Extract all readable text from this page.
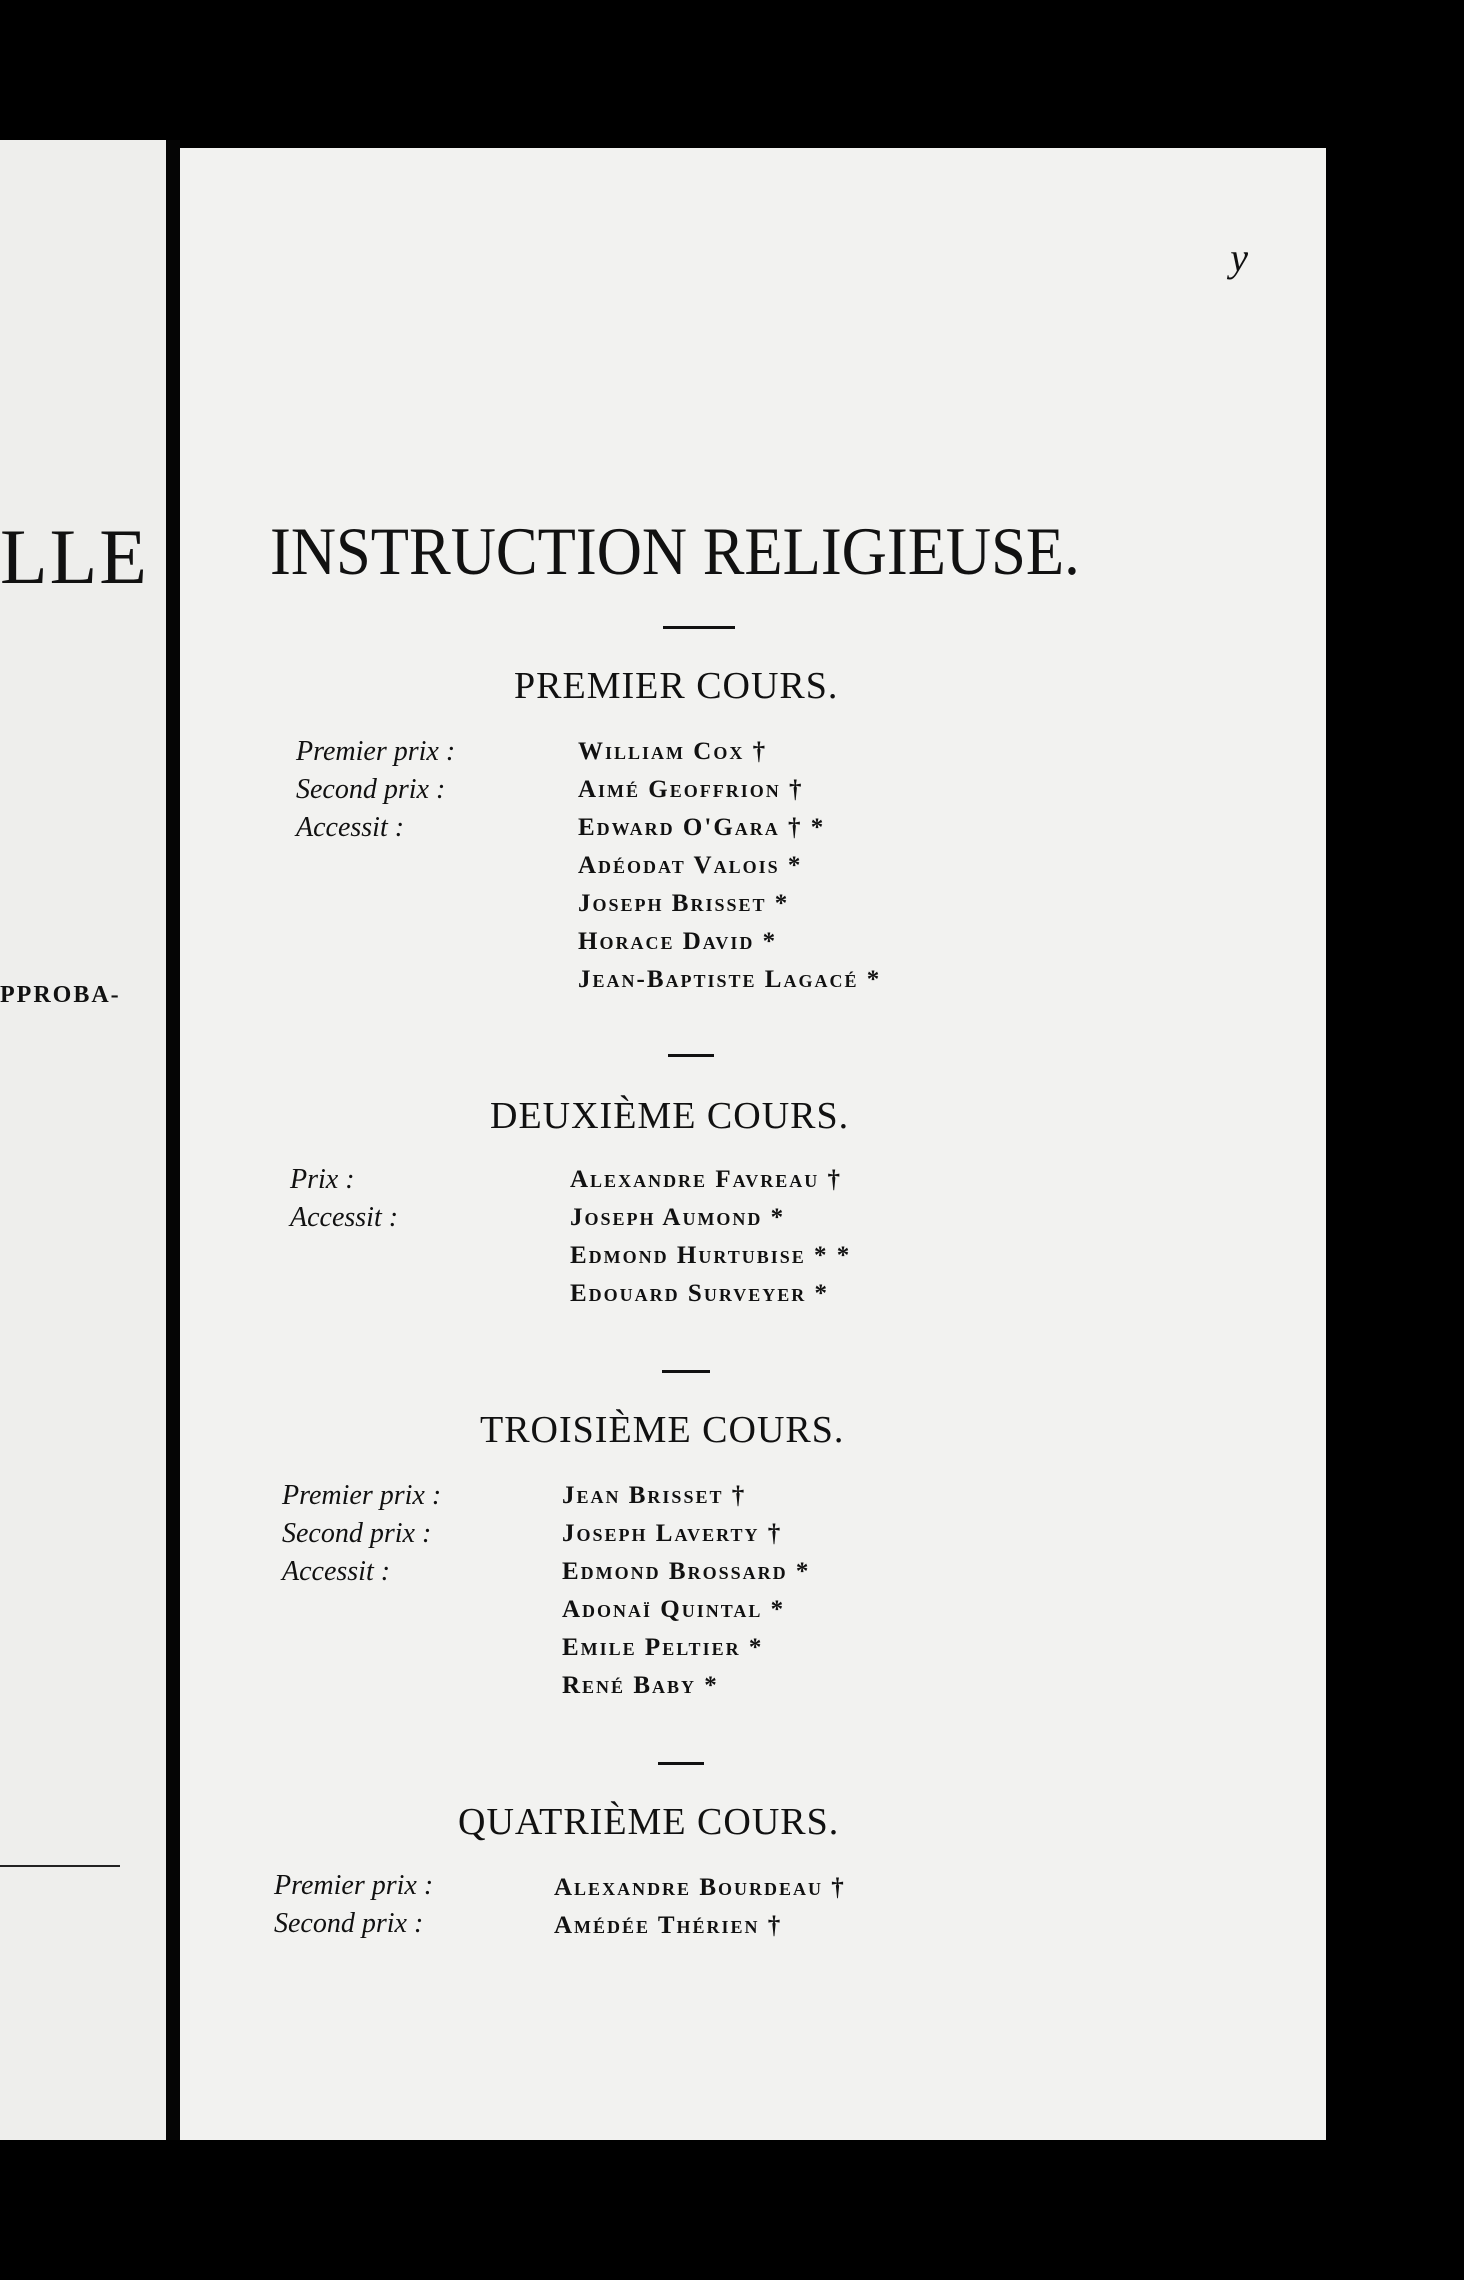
LLE
PPROBA-
y
INSTRUCTION RELIGIEUSE.
PREMIER COURS.
Premier prix :
Second prix :
Accessit :
William Cox †
Aimé Geoffrion †
Edward O'Gara † *
Adéodat Valois *
Joseph Brisset *
Horace David *
Jean-Baptiste Lagacé *
DEUXIÈME COURS.
Prix :
Accessit :
Alexandre Favreau †
Joseph Aumond *
Edmond Hurtubise * *
Edouard Surveyer *
TROISIÈME COURS.
Premier prix :
Second prix :
Accessit :
Jean Brisset †
Joseph Laverty †
Edmond Brossard *
Adonaï Quintal *
Emile Peltier *
René Baby *
QUATRIÈME COURS.
Premier prix :
Second prix :
Alexandre Bourdeau †
Amédée Thérien †
